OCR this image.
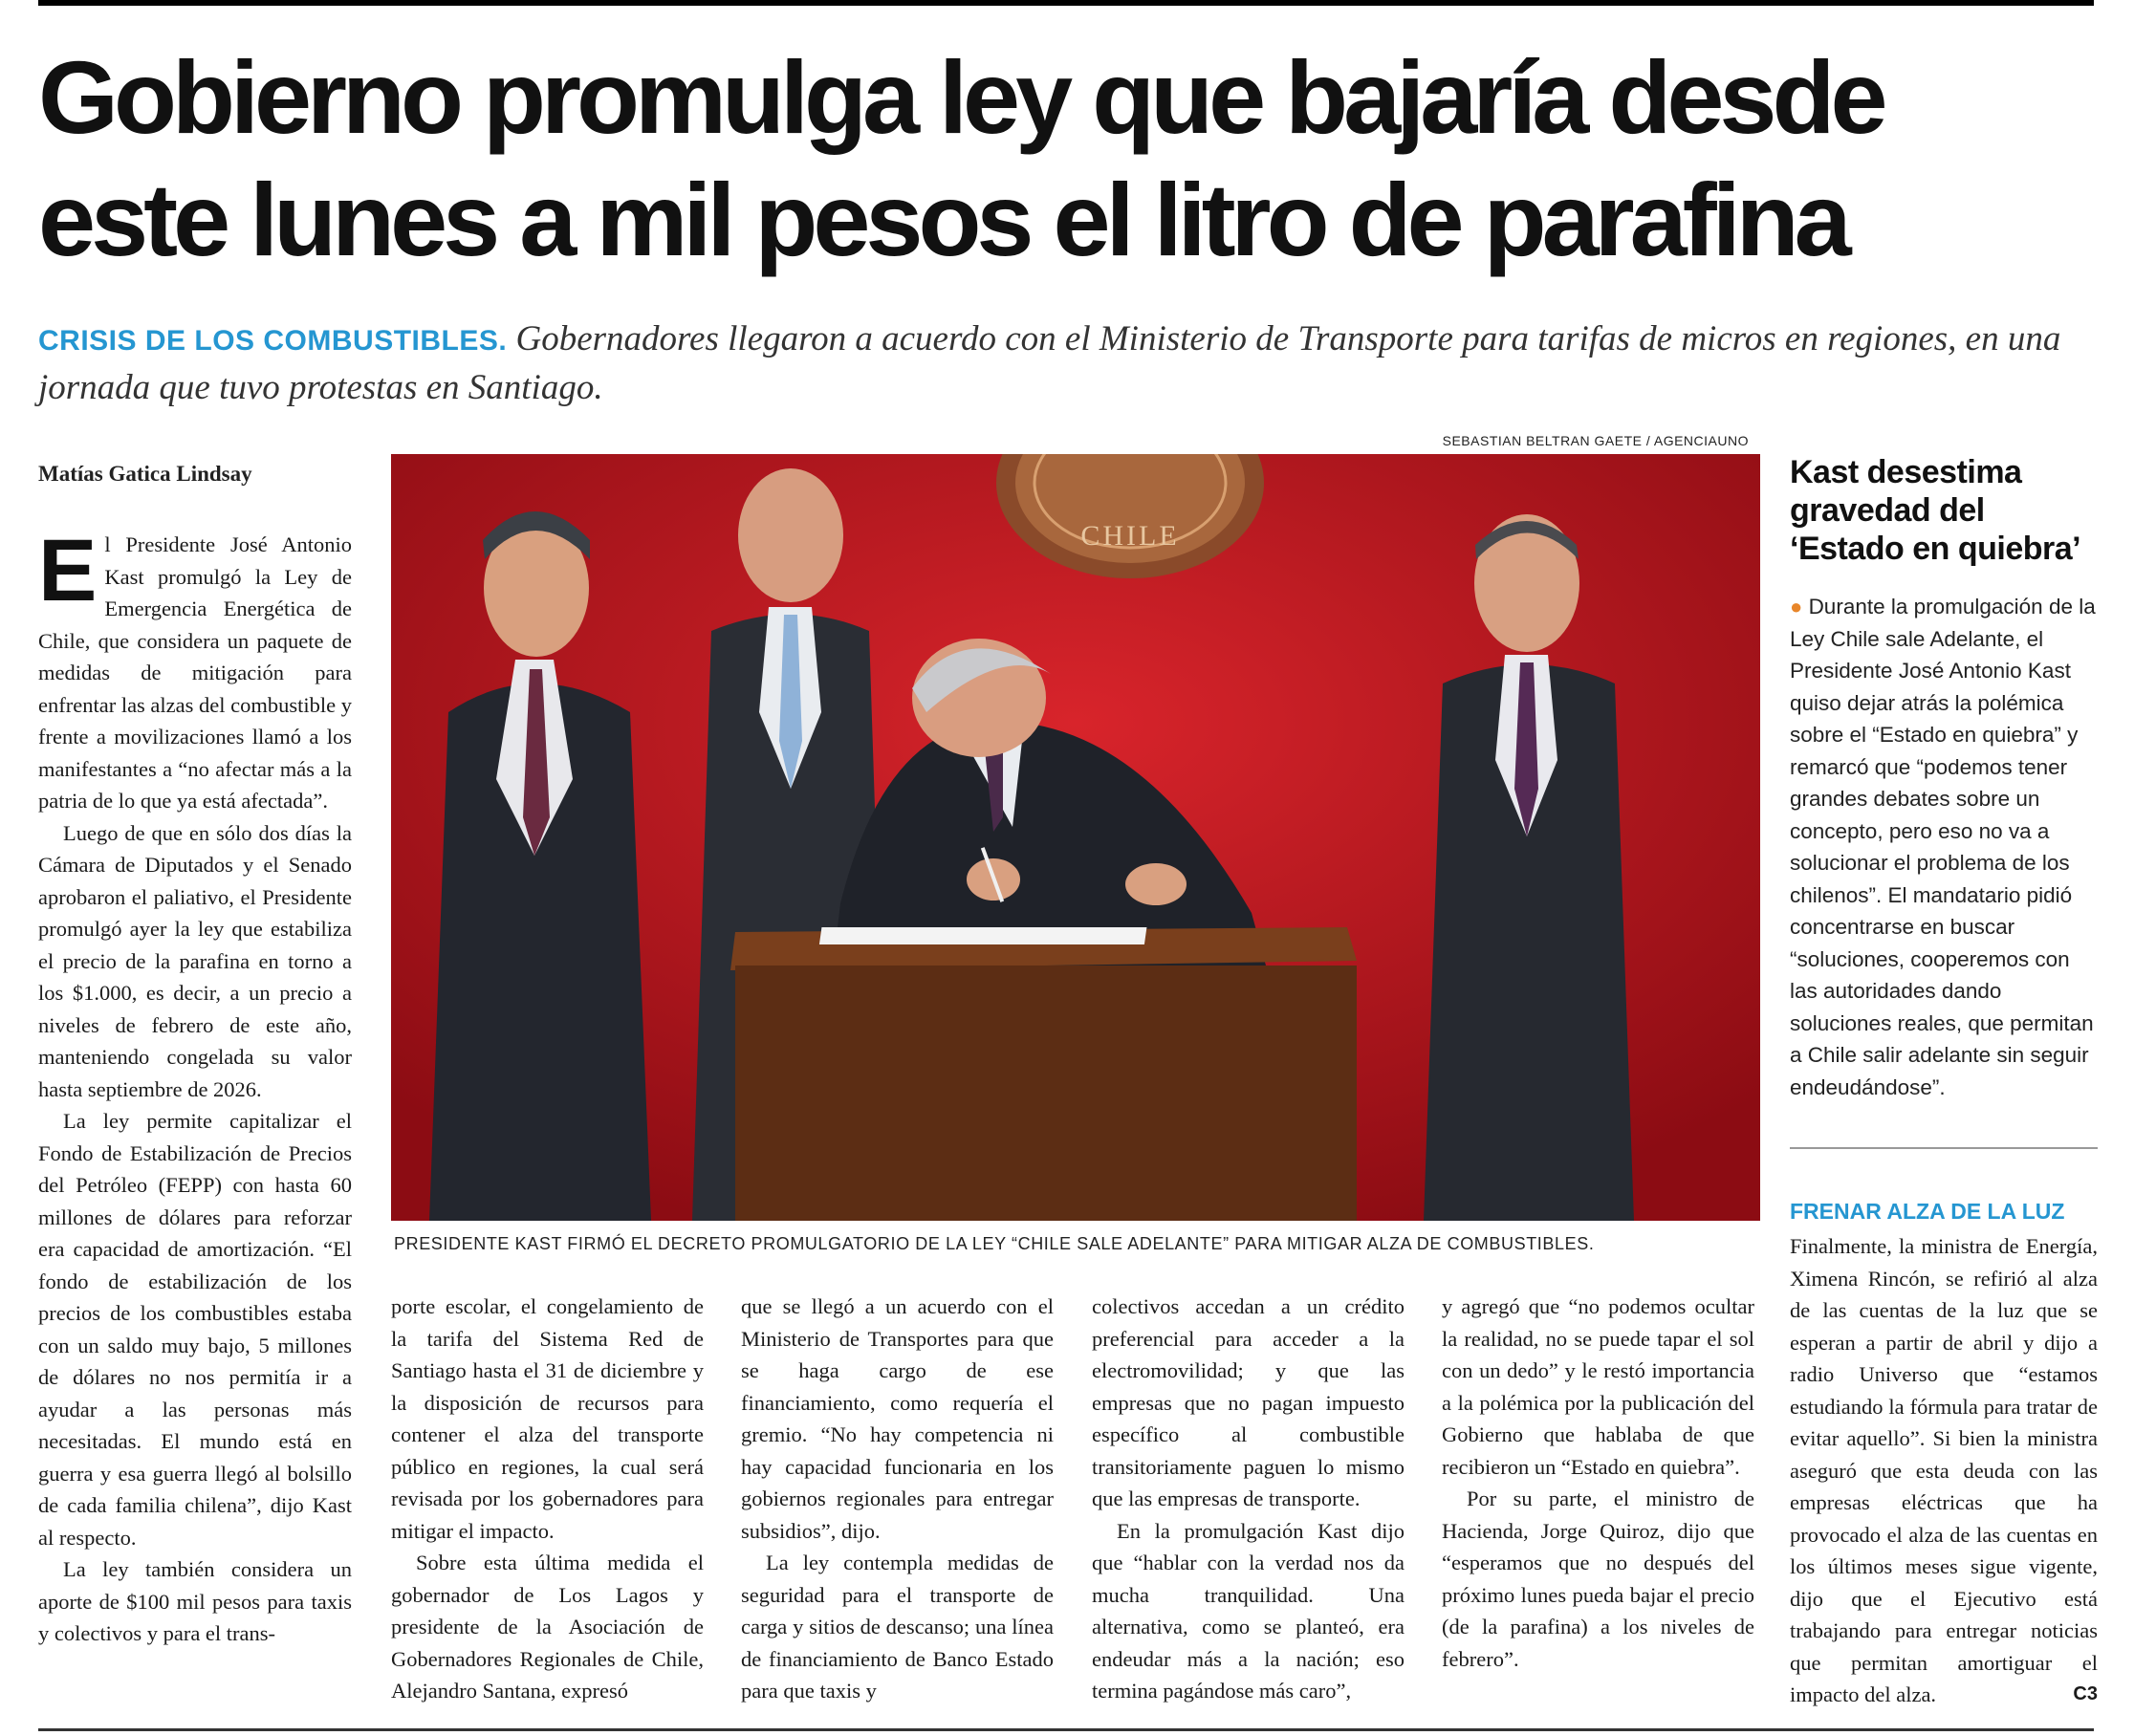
Gobierno promulga ley que bajaría desde
este lunes a mil pesos el litro de parafina

CRISIS DE LOS COMBUSTIBLES. Gobernadores llegaron a acuerdo con el Ministerio de Transporte para tarifas de micros en regiones, en una jornada que tuvo protestas en Santiago.

SEBASTIAN BELTRAN GAETE / AGENCIAUNO
Matías Gatica Lindsay

El Presidente José Antonio Kast promulgó la Ley de Emergencia Energética de Chile, que considera un paquete de medidas de mitigación para enfrentar las alzas del combustible y frente a movilizaciones llamó a los manifestantes a “no afectar más a la patria de lo que ya está afectada”.

Luego de que en sólo dos días la Cámara de Diputados y el Senado aprobaron el paliativo, el Presidente promulgó ayer la ley que estabiliza el precio de la parafina en torno a los $1.000, es decir, a un precio a niveles de febrero de este año, manteniendo congelada su valor hasta septiembre de 2026.

La ley permite capitalizar el Fondo de Estabilización de Precios del Petróleo (FEPP) con hasta 60 millones de dólares para reforzar era capacidad de amortización. “El fondo de estabilización de los precios de los combustibles estaba con un saldo muy bajo, 5 millones de dólares no nos permitía ir a ayudar a las personas más necesitadas. El mundo está en guerra y esa guerra llegó al bolsillo de cada familia chilena”, dijo Kast al respecto.

La ley también considera un aporte de $100 mil pesos para taxis y colectivos y para el trans-

CHILE
PRESIDENTE KAST FIRMÓ EL DECRETO PROMULGATORIO DE LA LEY “CHILE SALE ADELANTE” PARA MITIGAR ALZA DE COMBUSTIBLES.

porte escolar, el congelamiento de la tarifa del Sistema Red de Santiago hasta el 31 de diciembre y la disposición de recursos para contener el alza del transporte público en regiones, la cual será revisada por los gobernadores para mitigar el impacto.

Sobre esta última medida el gobernador de Los Lagos y presidente de la Asociación de Gobernadores Regionales de Chile, Alejandro Santana, expresó

que se llegó a un acuerdo con el Ministerio de Transportes para que se haga cargo de ese financiamiento, como requería el gremio. “No hay competencia ni hay capacidad funcionaria en los gobiernos regionales para entregar subsidios”, dijo.

La ley contempla medidas de seguridad para el transporte de carga y sitios de descanso; una línea de financiamiento de Banco Estado para que taxis y

colectivos accedan a un crédito preferencial para acceder a la electromovilidad; y que las empresas que no pagan impuesto específico al combustible transitoriamente paguen lo mismo que las empresas de transporte.

En la promulgación Kast dijo que “hablar con la verdad nos da mucha tranquilidad. Una alternativa, como se planteó, era endeudar más a la nación; eso termina pagándose más caro”,

y agregó que “no podemos ocultar la realidad, no se puede tapar el sol con un dedo” y le restó importancia a la polémica por la publicación del Gobierno que hablaba de que recibieron un “Estado en quiebra”.

Por su parte, el ministro de Hacienda, Jorge Quiroz, dijo que “esperamos que no después del próximo lunes pueda bajar el precio (de la parafina) a los niveles de febrero”.

Kast desestima gravedad del ‘Estado en quiebra’

● Durante la promulgación de la Ley Chile sale Adelante, el Presidente José Antonio Kast quiso dejar atrás la polémica sobre el “Estado en quiebra” y remarcó que “podemos tener grandes debates sobre un concepto, pero eso no va a solucionar el problema de los chilenos”. El mandatario pidió concentrarse en buscar “soluciones, cooperemos con las autoridades dando soluciones reales, que permitan a Chile salir adelante sin seguir endeudándose”.

FRENAR ALZA DE LA LUZ

Finalmente, la ministra de Energía, Ximena Rincón, se refirió al alza de las cuentas de la luz que se esperan a partir de abril y dijo a radio Universo que “estamos estudiando la fórmula para tratar de evitar aquello”. Si bien la ministra aseguró que esta deuda con las empresas eléctricas que ha provocado el alza de las cuentas en los últimos meses sigue vigente, dijo que el Ejecutivo está trabajando para entregar noticias que permitan amortiguar el impacto del alza.	C3
